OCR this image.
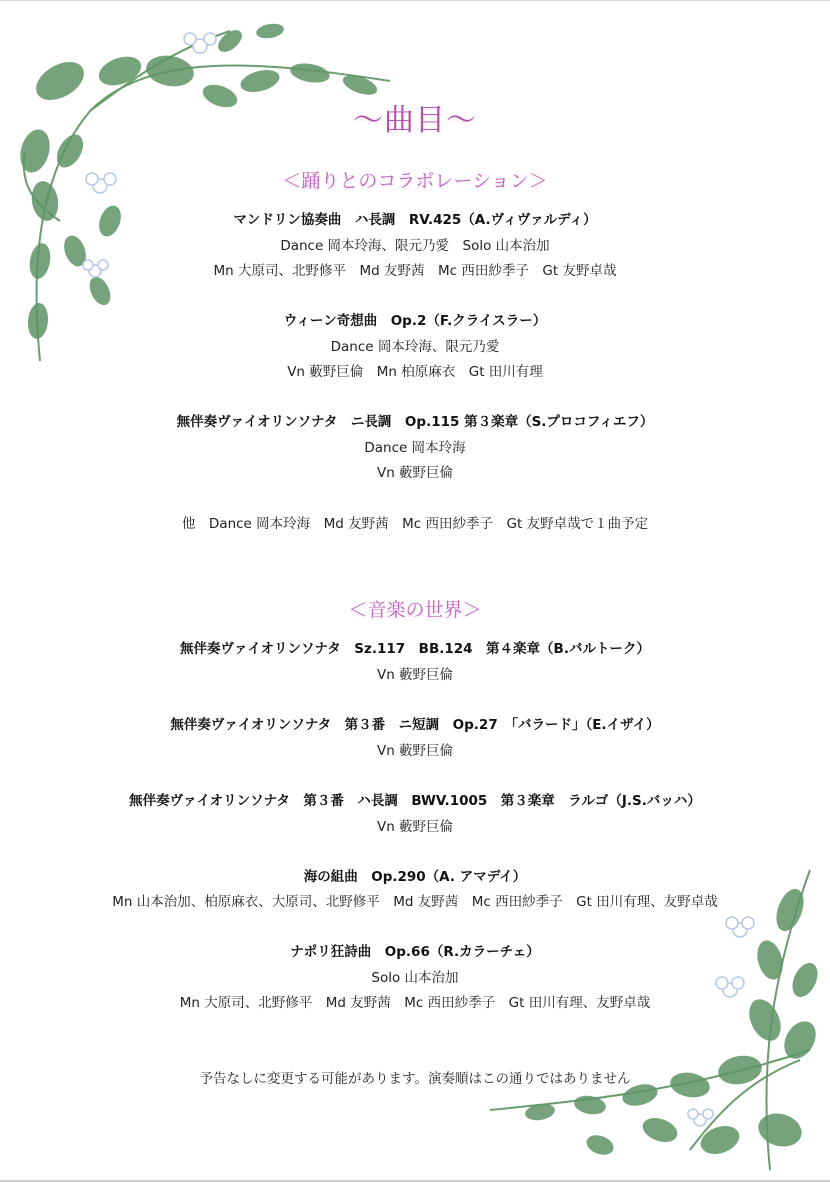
〜曲目〜
＜踊りとのコラボレーション＞
マンドリン協奏曲　ハ長調　RV.425（A.ヴィヴァルディ）
Dance 岡本玲海、限元乃愛　Solo 山本治加
Mn 大原司、北野修平　Md 友野茜　Mc 西田紗季子　Gt 友野卓哉
ウィーン奇想曲　Op.2（F.クライスラー）
Dance 岡本玲海、限元乃愛
Vn 藪野巨倫　Mn 柏原麻衣　Gt 田川有理
無伴奏ヴァイオリンソナタ　ニ長調　Op.115 第３楽章（S.プロコフィエフ）
Dance 岡本玲海
Vn 藪野巨倫
他　Dance 岡本玲海　Md 友野茜　Mc 西田紗季子　Gt 友野卓哉で１曲予定
＜音楽の世界＞
無伴奏ヴァイオリンソナタ　Sz.117　BB.124　第４楽章（B.バルトーク）
Vn 藪野巨倫
無伴奏ヴァイオリンソナタ　第３番　ニ短調　Op.27　「バラード」（E.イザイ）
Vn 藪野巨倫
無伴奏ヴァイオリンソナタ　第３番　ハ長調　BWV.1005　第３楽章　ラルゴ（J.S.バッハ）
Vn 藪野巨倫
海の組曲　Op.290（A. アマデイ）
Mn 山本治加、柏原麻衣、大原司、北野修平　Md 友野茜　Mc 西田紗季子　Gt 田川有理、友野卓哉
ナポリ狂詩曲　Op.66（R.カラーチェ）
Solo 山本治加
Mn 大原司、北野修平　Md 友野茜　Mc 西田紗季子　Gt 田川有理、友野卓哉
予告なしに変更する可能があります。演奏順はこの通りではありません
